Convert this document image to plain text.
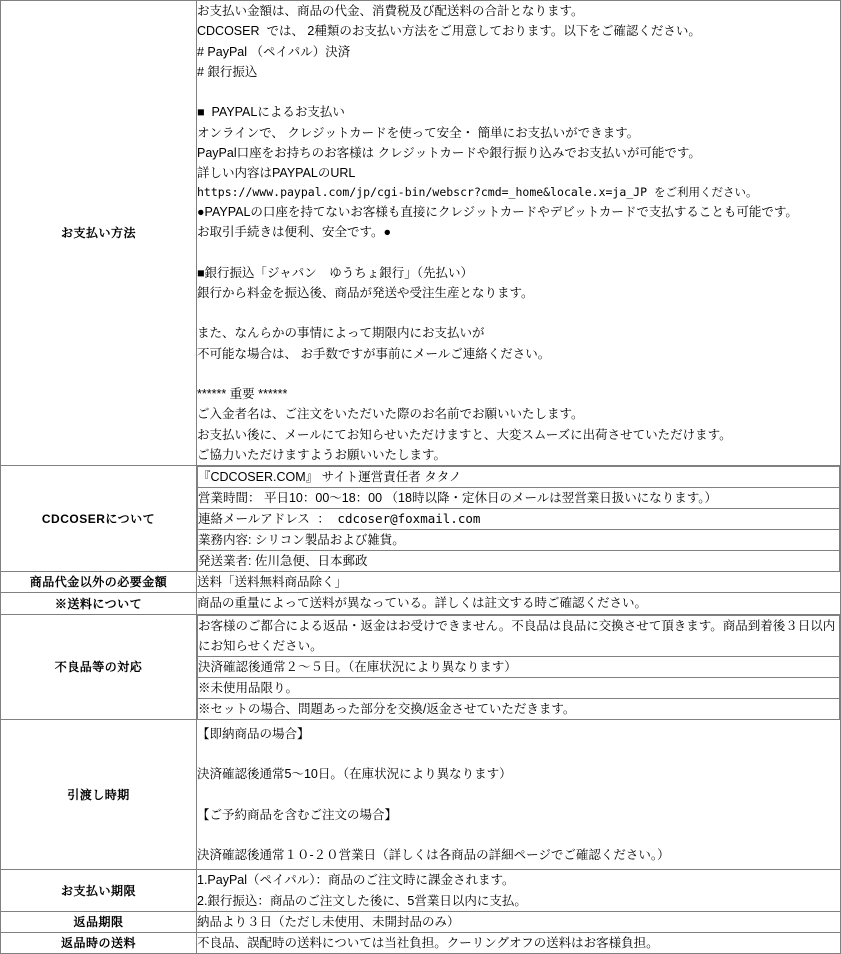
お支払い方法	
お支払い金額は、商品の代金、消費税及び配送料の合計となります。
CDCOSER  では、 2種類のお支払い方法をご用意しております。以下をご確認ください。
# PayPal （ペイパル）決済
# 銀行振込
■  PAYPALによるお支払い
オンラインで、 クレジットカードを使って安全・ 簡単にお支払いができます。
PayPal口座をお持ちのお客様は クレジットカードや銀行振り込みでお支払いが可能です。
詳しい内容はPAYPALのURL
https://www.paypal.com/jp/cgi-bin/webscr?cmd=_home&locale.x=ja_JP をご利用ください。
●PAYPALの口座を持てないお客様も直接にクレジットカードやデビットカードで支払することも可能です。
お取引手続きは便利、安全です。●
■銀行振込「ジャパン　ゆうちょ銀行」（先払い）
銀行から料金を振込後、商品が発送や受注生産となります。
また、なんらかの事情によって期限内にお支払いが
不可能な場合は、 お手数ですが事前にメールご連絡ください。
****** 重要 ******
ご入金者名は、ご注文をいただいた際のお名前でお願いいたします。
お支払い後に、メールにてお知らせいただけますと、大変スムーズに出荷させていただけます。
ご協力いただけますようお願いいたします。

CDCOSERについて	
『CDCOSER.COM』 サイト運営責任者 タタノ
営業時間： 平日10：00～18：00 （18時以降・定休日のメールは翌営業日扱いになります。）
連絡メールアドレス ： cdcoser@foxmail.com
業務内容: シリコン製品および雑貨。
発送業者: 佐川急便、日本郵政

商品代金以外の必要金額	送料「送料無料商品除く」

※送料について	商品の重量によって送料が異なっている。詳しくは註文する時ご確認ください。

不良品等の対応	
お客様のご都合による返品・返金はお受けできません。不良品は良品に交換させて頂きます。商品到着後３日以内にお知らせください。
決済確認後通常２～５日。（在庫状況により異なります）
※未使用品限り。
※セットの場合、問題あった部分を交換/返金させていただきます。

引渡し時期	
【即納商品の場合】
決済確認後通常5～10日。（在庫状況により異なります）
【ご予約商品を含むご注文の場合】
決済確認後通常１０-２０営業日（詳しくは各商品の詳細ページでご確認ください。）

お支払い期限	
1.PayPal（ペイパル）：商品のご注文時に課金されます。
2.銀行振込：商品のご注文した後に、5営業日以内に支払。

返品期限	納品より３日（ただし未使用、未開封品のみ）

返品時の送料	不良品、誤配時の送料については当社負担。クーリングオフの送料はお客様負担。
